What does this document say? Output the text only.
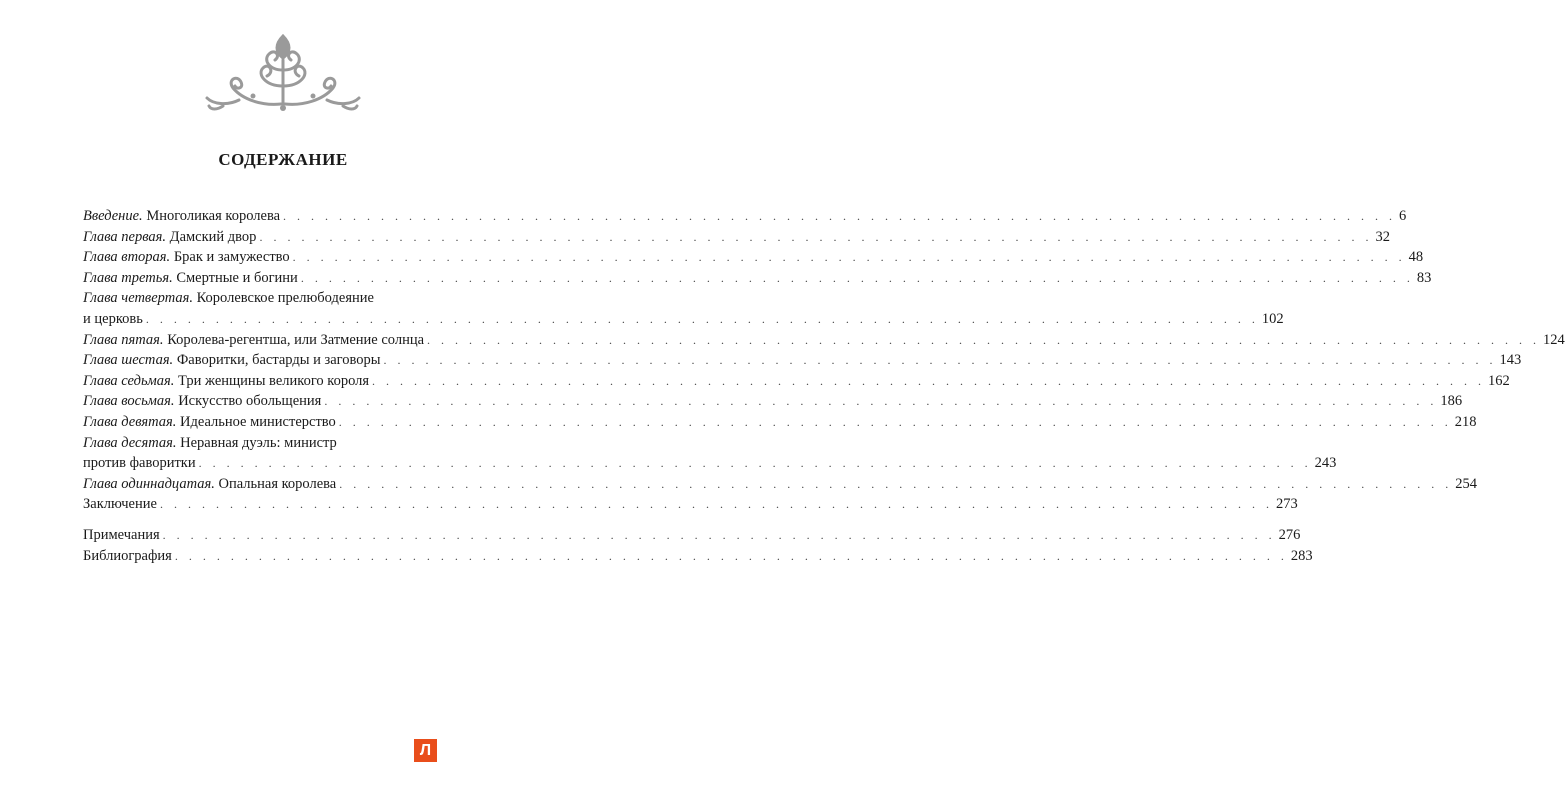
СОДЕРЖАНИЕ
Введение. Многоликая королева . . . . . . . . . . . . . . . . . . . . . . . . . . . . . . . . . . . . . . . . . . . . . . . . . . . . . . . . . . . . . . . . . . . . . . . . . . . . . . . . 6
Глава первая. Дамский двор . . . . . . . . . . . . . . . . . . . . . . . . . . . . . . . . . . . . . . . . . . . . . . . . . . . . . . . . . . . . . . . . . . . . . . . . . . . . . . . . 32
Глава вторая. Брак и замужество . . . . . . . . . . . . . . . . . . . . . . . . . . . . . . . . . . . . . . . . . . . . . . . . . . . . . . . . . . . . . . . . . . . . . . . . . . . . . . . . 48
Глава третья. Смертные и богини . . . . . . . . . . . . . . . . . . . . . . . . . . . . . . . . . . . . . . . . . . . . . . . . . . . . . . . . . . . . . . . . . . . . . . . . . . . . . . . . 83
Глава четвертая. Королевское прелюбодеяние
и церковь . . . . . . . . . . . . . . . . . . . . . . . . . . . . . . . . . . . . . . . . . . . . . . . . . . . . . . . . . . . . . . . . . . . . . . . . . . . . . . . . 102
Глава пятая. Королева-регентша, или Затмение солнца . . . . . . . . . . . . . . . . . . . . . . . . . . . . . . . . . . . . . . . . . . . . . . . . . . . . . . . . . . . . . . . . . . . . . . . . . . . . . . . . 124
Глава шестая. Фаворитки, бастарды и заговоры . . . . . . . . . . . . . . . . . . . . . . . . . . . . . . . . . . . . . . . . . . . . . . . . . . . . . . . . . . . . . . . . . . . . . . . . . . . . . . . . 143
Глава седьмая. Три женщины великого короля . . . . . . . . . . . . . . . . . . . . . . . . . . . . . . . . . . . . . . . . . . . . . . . . . . . . . . . . . . . . . . . . . . . . . . . . . . . . . . . . 162
Глава восьмая. Искусство обольщения . . . . . . . . . . . . . . . . . . . . . . . . . . . . . . . . . . . . . . . . . . . . . . . . . . . . . . . . . . . . . . . . . . . . . . . . . . . . . . . . 186
Глава девятая. Идеальное министерство . . . . . . . . . . . . . . . . . . . . . . . . . . . . . . . . . . . . . . . . . . . . . . . . . . . . . . . . . . . . . . . . . . . . . . . . . . . . . . . . 218
Глава десятая. Неравная дуэль: министр
против фаворитки . . . . . . . . . . . . . . . . . . . . . . . . . . . . . . . . . . . . . . . . . . . . . . . . . . . . . . . . . . . . . . . . . . . . . . . . . . . . . . . . 243
Глава одиннадцатая. Опальная королева . . . . . . . . . . . . . . . . . . . . . . . . . . . . . . . . . . . . . . . . . . . . . . . . . . . . . . . . . . . . . . . . . . . . . . . . . . . . . . . . 254
Заключение . . . . . . . . . . . . . . . . . . . . . . . . . . . . . . . . . . . . . . . . . . . . . . . . . . . . . . . . . . . . . . . . . . . . . . . . . . . . . . . . 273
Примечания . . . . . . . . . . . . . . . . . . . . . . . . . . . . . . . . . . . . . . . . . . . . . . . . . . . . . . . . . . . . . . . . . . . . . . . . . . . . . . . . 276
Библиография . . . . . . . . . . . . . . . . . . . . . . . . . . . . . . . . . . . . . . . . . . . . . . . . . . . . . . . . . . . . . . . . . . . . . . . . . . . . . . . . 283
Л
